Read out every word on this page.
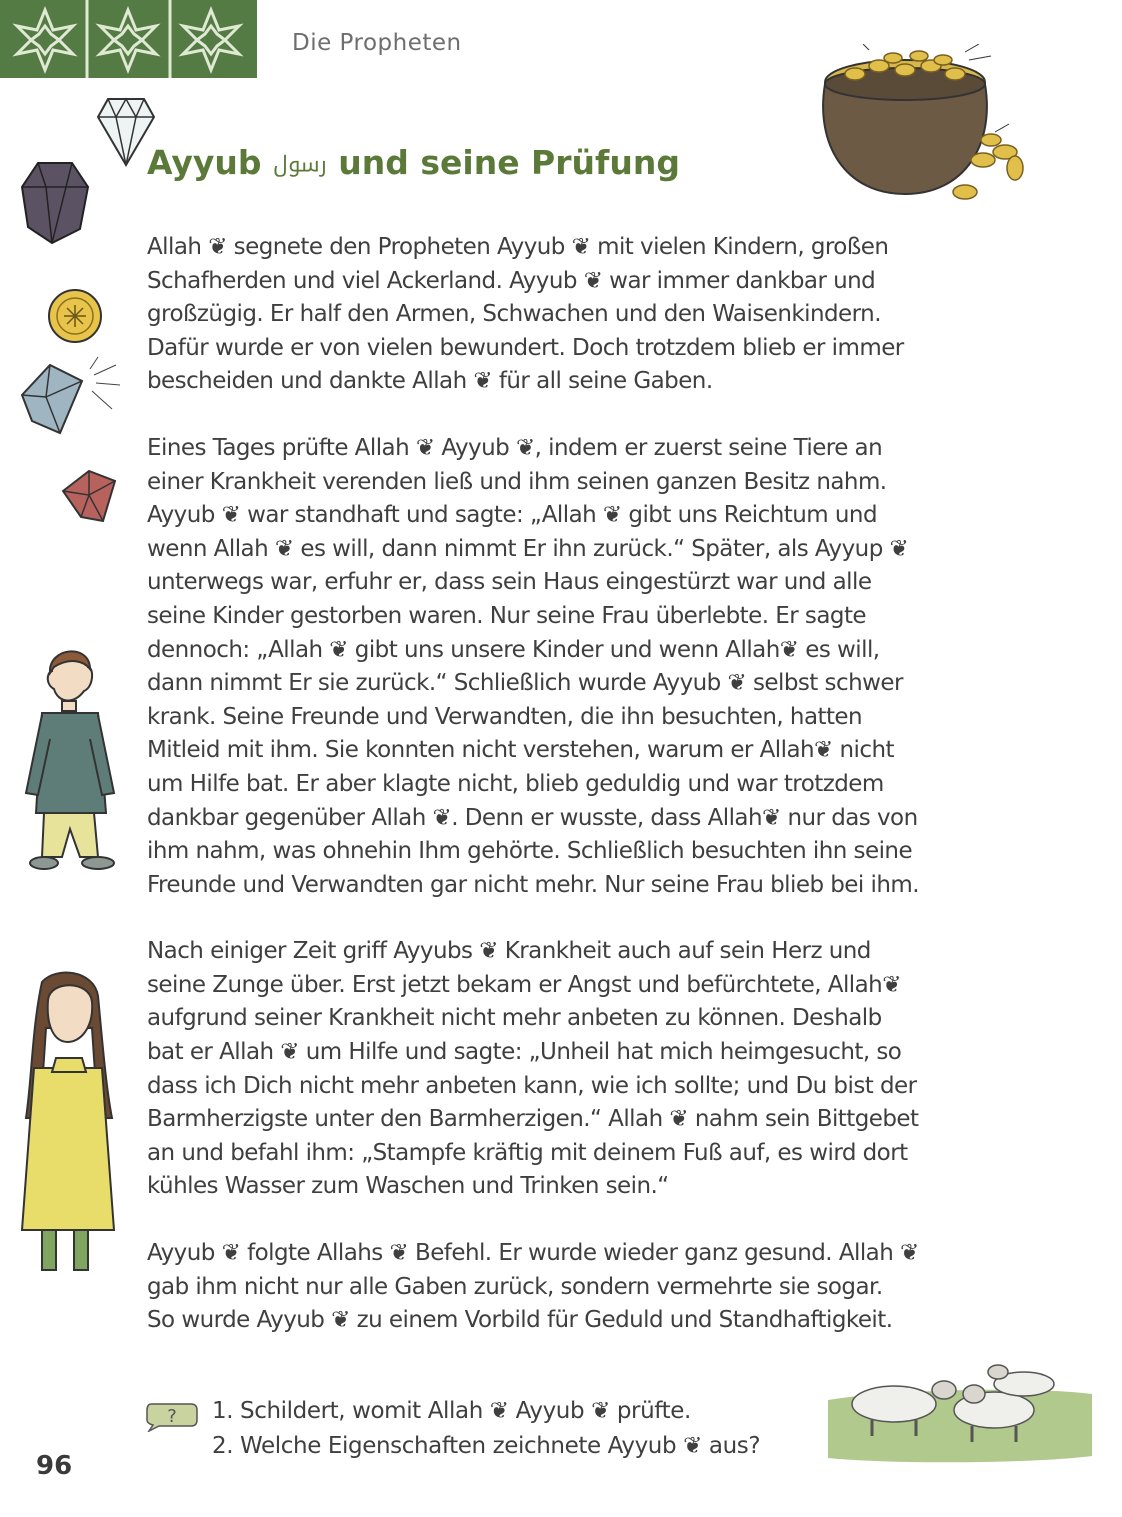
Die Propheten
Ayyub ﷶ und seine Prüfung

Allah ❦ segnete den Propheten Ayyub ❦ mit vielen Kindern, großen
Schafherden und viel Ackerland. Ayyub ❦ war immer dankbar und
großzügig. Er half den Armen, Schwachen und den Waisenkindern.
Dafür wurde er von vielen bewundert. Doch trotzdem blieb er immer
bescheiden und dankte Allah ❦ für all seine Gaben.

Eines Tages prüfte Allah ❦ Ayyub ❦, indem er zuerst seine Tiere an
einer Krankheit verenden ließ und ihm seinen ganzen Besitz nahm.
Ayyub ❦ war standhaft und sagte: „Allah ❦ gibt uns Reichtum und
wenn Allah ❦ es will, dann nimmt Er ihn zurück.“ Später, als Ayyup ❦
unterwegs war, erfuhr er, dass sein Haus eingestürzt war und alle
seine Kinder gestorben waren. Nur seine Frau überlebte. Er sagte
dennoch: „Allah ❦ gibt uns unsere Kinder und wenn Allah❦ es will,
dann nimmt Er sie zurück.“ Schließlich wurde Ayyub ❦ selbst schwer
krank. Seine Freunde und Verwandten, die ihn besuchten, hatten
Mitleid mit ihm. Sie konnten nicht verstehen, warum er Allah❦ nicht
um Hilfe bat. Er aber klagte nicht, blieb geduldig und war trotzdem
dankbar gegenüber Allah ❦. Denn er wusste, dass Allah❦ nur das von
ihm nahm, was ohnehin Ihm gehörte. Schließlich besuchten ihn seine
Freunde und Verwandten gar nicht mehr. Nur seine Frau blieb bei ihm.

Nach einiger Zeit griff Ayyubs ❦ Krankheit auch auf sein Herz und
seine Zunge über. Erst jetzt bekam er Angst und befürchtete, Allah❦
aufgrund seiner Krankheit nicht mehr anbeten zu können. Deshalb
bat er Allah ❦ um Hilfe und sagte: „Unheil hat mich heimgesucht, so
dass ich Dich nicht mehr anbeten kann, wie ich sollte; und Du bist der
Barmherzigste unter den Barmherzigen.“ Allah ❦ nahm sein Bittgebet
an und befahl ihm: „Stampfe kräftig mit deinem Fuß auf, es wird dort
kühles Wasser zum Waschen und Trinken sein.“

Ayyub ❦ folgte Allahs ❦ Befehl. Er wurde wieder ganz gesund. Allah ❦
gab ihm nicht nur alle Gaben zurück, sondern vermehrte sie sogar.
So wurde Ayyub ❦ zu einem Vorbild für Geduld und Standhaftigkeit.

? 1. Schildert, womit Allah ❦ Ayyub ❦ prüfte.
2. Welche Eigenschaften zeichnete Ayyub ❦ aus?
96
